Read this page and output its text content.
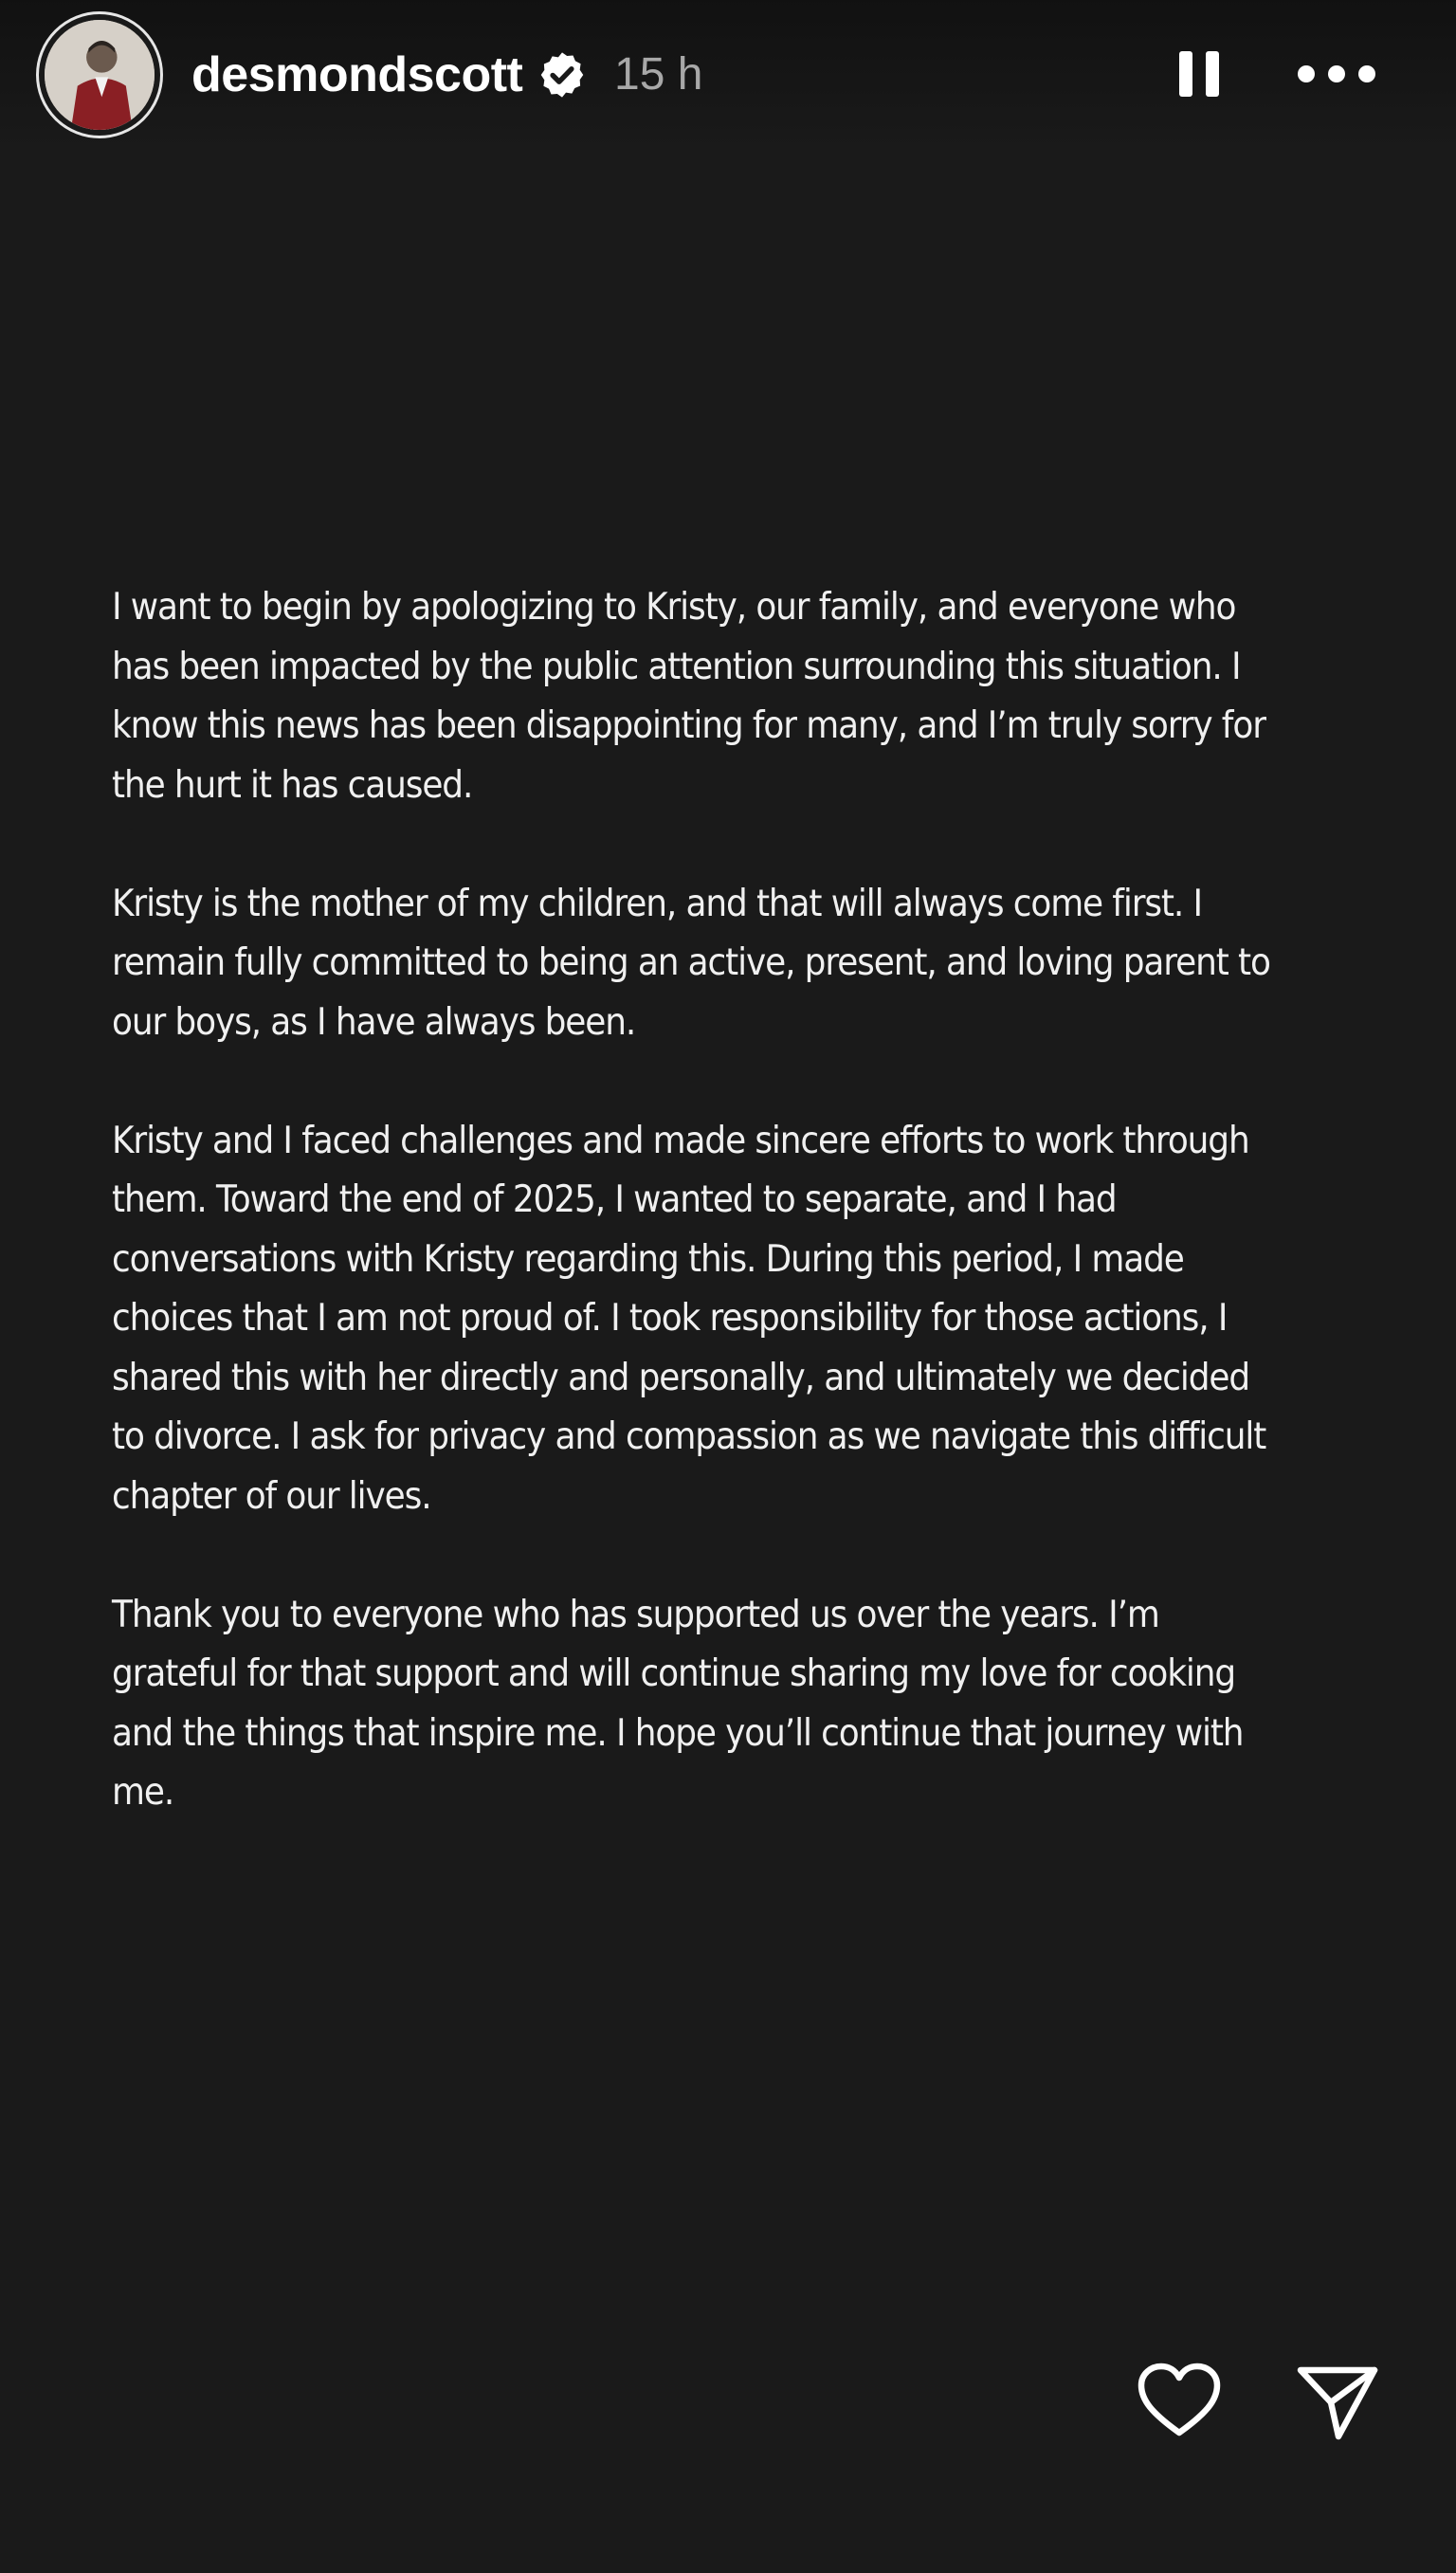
desmondscott 15 h

I want to begin by apologizing to Kristy, our family, and everyone who has been impacted by the public attention surrounding this situation. I know this news has been disappointing for many, and I’m truly sorry for the hurt it has caused.

Kristy is the mother of my children, and that will always come first. I remain fully committed to being an active, present, and loving parent to our boys, as I have always been.

Kristy and I faced challenges and made sincere efforts to work through them. Toward the end of 2025, I wanted to separate, and I had conversations with Kristy regarding this. During this period, I made choices that I am not proud of. I took responsibility for those actions, I shared this with her directly and personally, and ultimately we decided to divorce. I ask for privacy and compassion as we navigate this difficult chapter of our lives.

Thank you to everyone who has supported us over the years. I’m grateful for that support and will continue sharing my love for cooking and the things that inspire me. I hope you’ll continue that journey with me.
